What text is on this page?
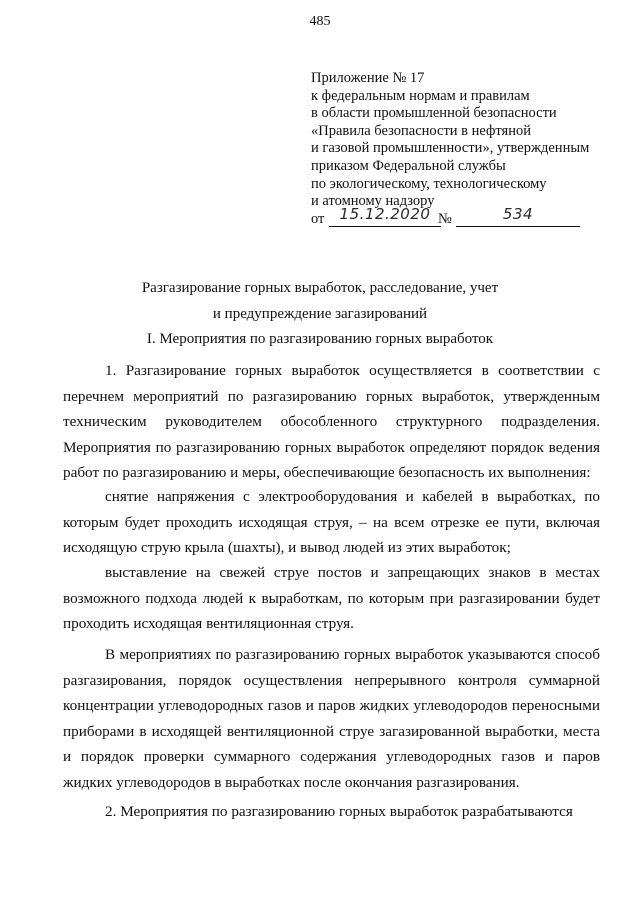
485
Приложение № 17
к федеральным нормам и правилам
в области промышленной безопасности
«Правила безопасности в нефтяной
и газовой промышленности», утвержденным
приказом Федеральной службы
по экологическому, технологическому
и атомному надзору
от	15.12.2020 №	534
Разгазирование горных выработок, расследование, учет
и предупреждение загазирований
I. Мероприятия по разгазированию горных выработок

1. Разгазирование горных выработок осуществляется в соответствии с перечнем мероприятий по разгазированию горных выработок, утвержденным техническим руководителем обособленного структурного подразделения. Мероприятия по разгазированию горных выработок определяют порядок ведения работ по разгазированию и меры, обеспечивающие безопасность их выполнения:

снятие напряжения с электрооборудования и кабелей в выработках, по которым будет проходить исходящая струя, – на всем отрезке ее пути, включая исходящую струю крыла (шахты), и вывод людей из этих выработок;

выставление на свежей струе постов и запрещающих знаков в местах возможного подхода людей к выработкам, по которым при разгазировании будет проходить исходящая вентиляционная струя.

В мероприятиях по разгазированию горных выработок указываются способ разгазирования, порядок осуществления непрерывного контроля суммарной концентрации углеводородных газов и паров жидких углеводородов переносными приборами в исходящей вентиляционной струе загазированной выработки, места и порядок проверки суммарного содержания углеводородных газов и паров жидких углеводородов в выработках после окончания разгазирования.

2. Мероприятия по разгазированию горных выработок разрабатываются
